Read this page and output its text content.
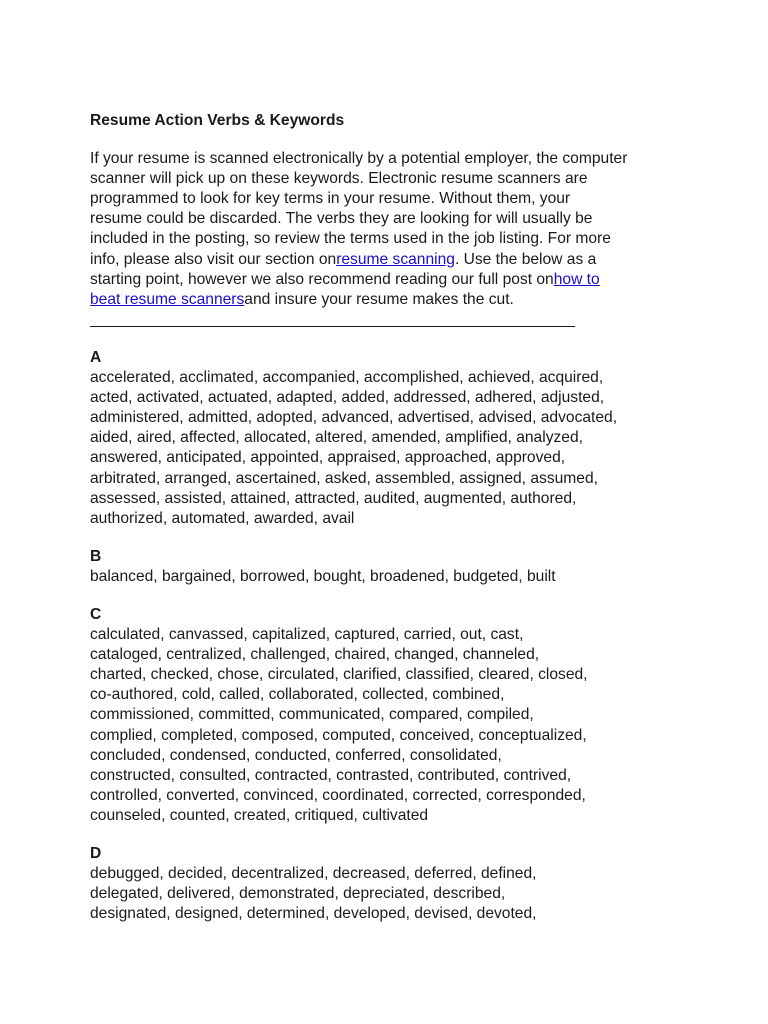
Resume Action Verbs & Keywords
If your resume is scanned electronically by a potential employer, the computer
scanner will pick up on these keywords. Electronic resume scanners are
programmed to look for key terms in your resume. Without them, your
resume could be discarded. The verbs they are looking for will usually be
included in the posting, so review the terms used in the job listing. For more
info, please also visit our section onresume scanning. Use the below as a
starting point, however we also recommend reading our full post onhow to
beat resume scannersand insure your resume makes the cut.
____________________________________________________________
A
accelerated, acclimated, accompanied, accomplished, achieved, acquired,
acted, activated, actuated, adapted, added, addressed, adhered, adjusted,
administered, admitted, adopted, advanced, advertised, advised, advocated,
aided, aired, affected, allocated, altered, amended, amplified, analyzed,
answered, anticipated, appointed, appraised, approached, approved,
arbitrated, arranged, ascertained, asked, assembled, assigned, assumed,
assessed, assisted, attained, attracted, audited, augmented, authored,
authorized, automated, awarded, avail
B
balanced, bargained, borrowed, bought, broadened, budgeted, built
C
calculated, canvassed, capitalized, captured, carried, out, cast,
cataloged, centralized, challenged, chaired, changed, channeled,
charted, checked, chose, circulated, clarified, classified, cleared, closed,
co-authored, cold, called, collaborated, collected, combined,
commissioned, committed, communicated, compared, compiled,
complied, completed, composed, computed, conceived, conceptualized,
concluded, condensed, conducted, conferred, consolidated,
constructed, consulted, contracted, contrasted, contributed, contrived,
controlled, converted, convinced, coordinated, corrected, corresponded,
counseled, counted, created, critiqued, cultivated
D
debugged, decided, decentralized, decreased, deferred, defined,
delegated, delivered, demonstrated, depreciated, described,
designated, designed, determined, developed, devised, devoted,
